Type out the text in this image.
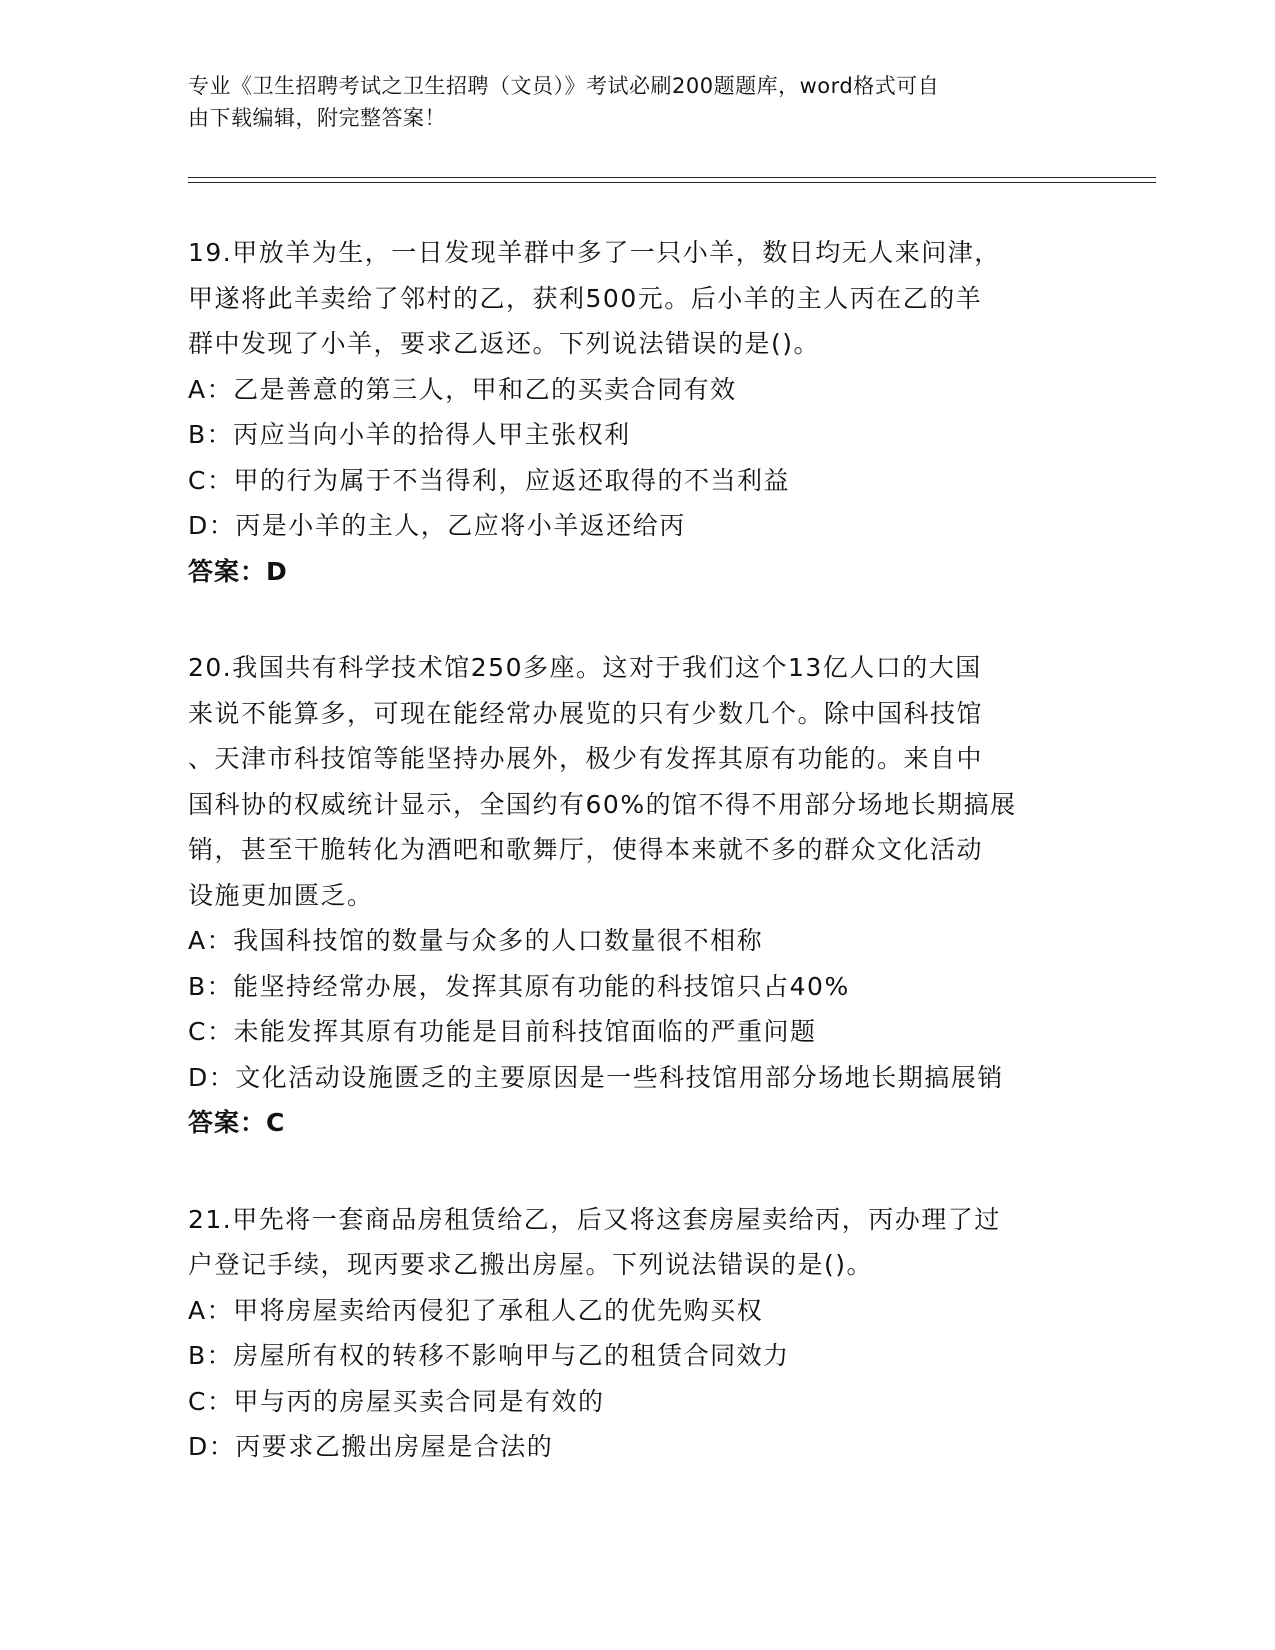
专业《卫生招聘考试之卫生招聘（文员）》考试必刷200题题库，word格式可自
由下载编辑，附完整答案！
19.甲放羊为生，一日发现羊群中多了一只小羊，数日均无人来问津，
甲遂将此羊卖给了邻村的乙，获利500元。后小羊的主人丙在乙的羊
群中发现了小羊，要求乙返还。下列说法错误的是()。
A：乙是善意的第三人，甲和乙的买卖合同有效
B：丙应当向小羊的拾得人甲主张权利
C：甲的行为属于不当得利，应返还取得的不当利益
D：丙是小羊的主人，乙应将小羊返还给丙
答案：D
20.我国共有科学技术馆250多座。这对于我们这个13亿人口的大国
来说不能算多，可现在能经常办展览的只有少数几个。除中国科技馆
、天津市科技馆等能坚持办展外，极少有发挥其原有功能的。来自中
国科协的权威统计显示，全国约有60%的馆不得不用部分场地长期搞展
销，甚至干脆转化为酒吧和歌舞厅，使得本来就不多的群众文化活动
设施更加匮乏。
A：我国科技馆的数量与众多的人口数量很不相称
B：能坚持经常办展，发挥其原有功能的科技馆只占40%
C：未能发挥其原有功能是目前科技馆面临的严重问题
D：文化活动设施匮乏的主要原因是一些科技馆用部分场地长期搞展销
答案：C
21.甲先将一套商品房租赁给乙，后又将这套房屋卖给丙，丙办理了过
户登记手续，现丙要求乙搬出房屋。下列说法错误的是()。
A：甲将房屋卖给丙侵犯了承租人乙的优先购买权
B：房屋所有权的转移不影响甲与乙的租赁合同效力
C：甲与丙的房屋买卖合同是有效的
D：丙要求乙搬出房屋是合法的
